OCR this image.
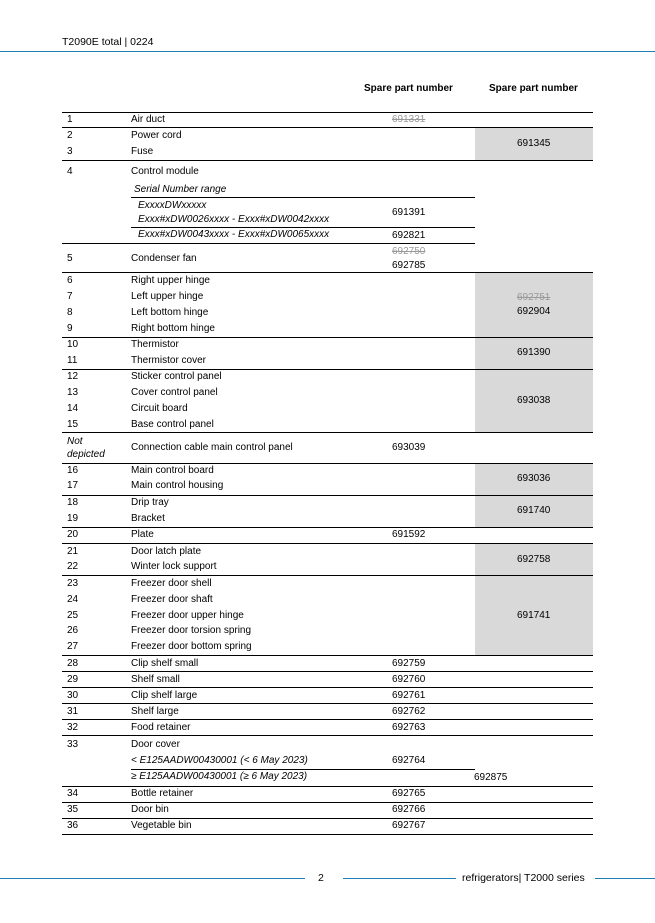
T2090E total | 0224
Spare part number	Spare part number
1
2
3
4
5
6
7
8
9
10
11
12
13
14
15
Not depicted
16
17
18
19
20
21
22
23
24
25
26
27
28
29
30
31
32
33
34
35
36
Air duct
Power cord
Fuse
Control module
Serial Number range
ExxxxDWxxxxx
Exxx#xDW0026xxxx - Exxx#xDW0042xxxx
Exxx#xDW0043xxxx - Exxx#xDW0065xxxx
Condenser fan
Right upper hinge
Left upper hinge
Left bottom hinge
Right bottom hinge
Thermistor
Thermistor cover
Sticker control panel
Cover control panel
Circuit board
Base control panel
Connection cable main control panel
Main control board
Main control housing
Drip tray
Bracket
Plate
Door latch plate
Winter lock support
Freezer door shell
Freezer door shaft
Freezer door upper hinge
Freezer door torsion spring
Freezer door bottom spring
Clip shelf small
Shelf small
Clip shelf large
Shelf large
Food retainer
Door cover
< E125AADW00430001 (< 6 May 2023)
≥ E125AADW00430001 (≥ 6 May 2023)
Bottle retainer
Door bin
Vegetable bin
691331
691391
692821
692750
692785
693039
691592
692759
692760
692761
692762
692763
692764
692765
692766
692767
691345
692751
692904
691390
693038
693036
691740
692758
691741
692875
2	refrigerators| T2000 series
